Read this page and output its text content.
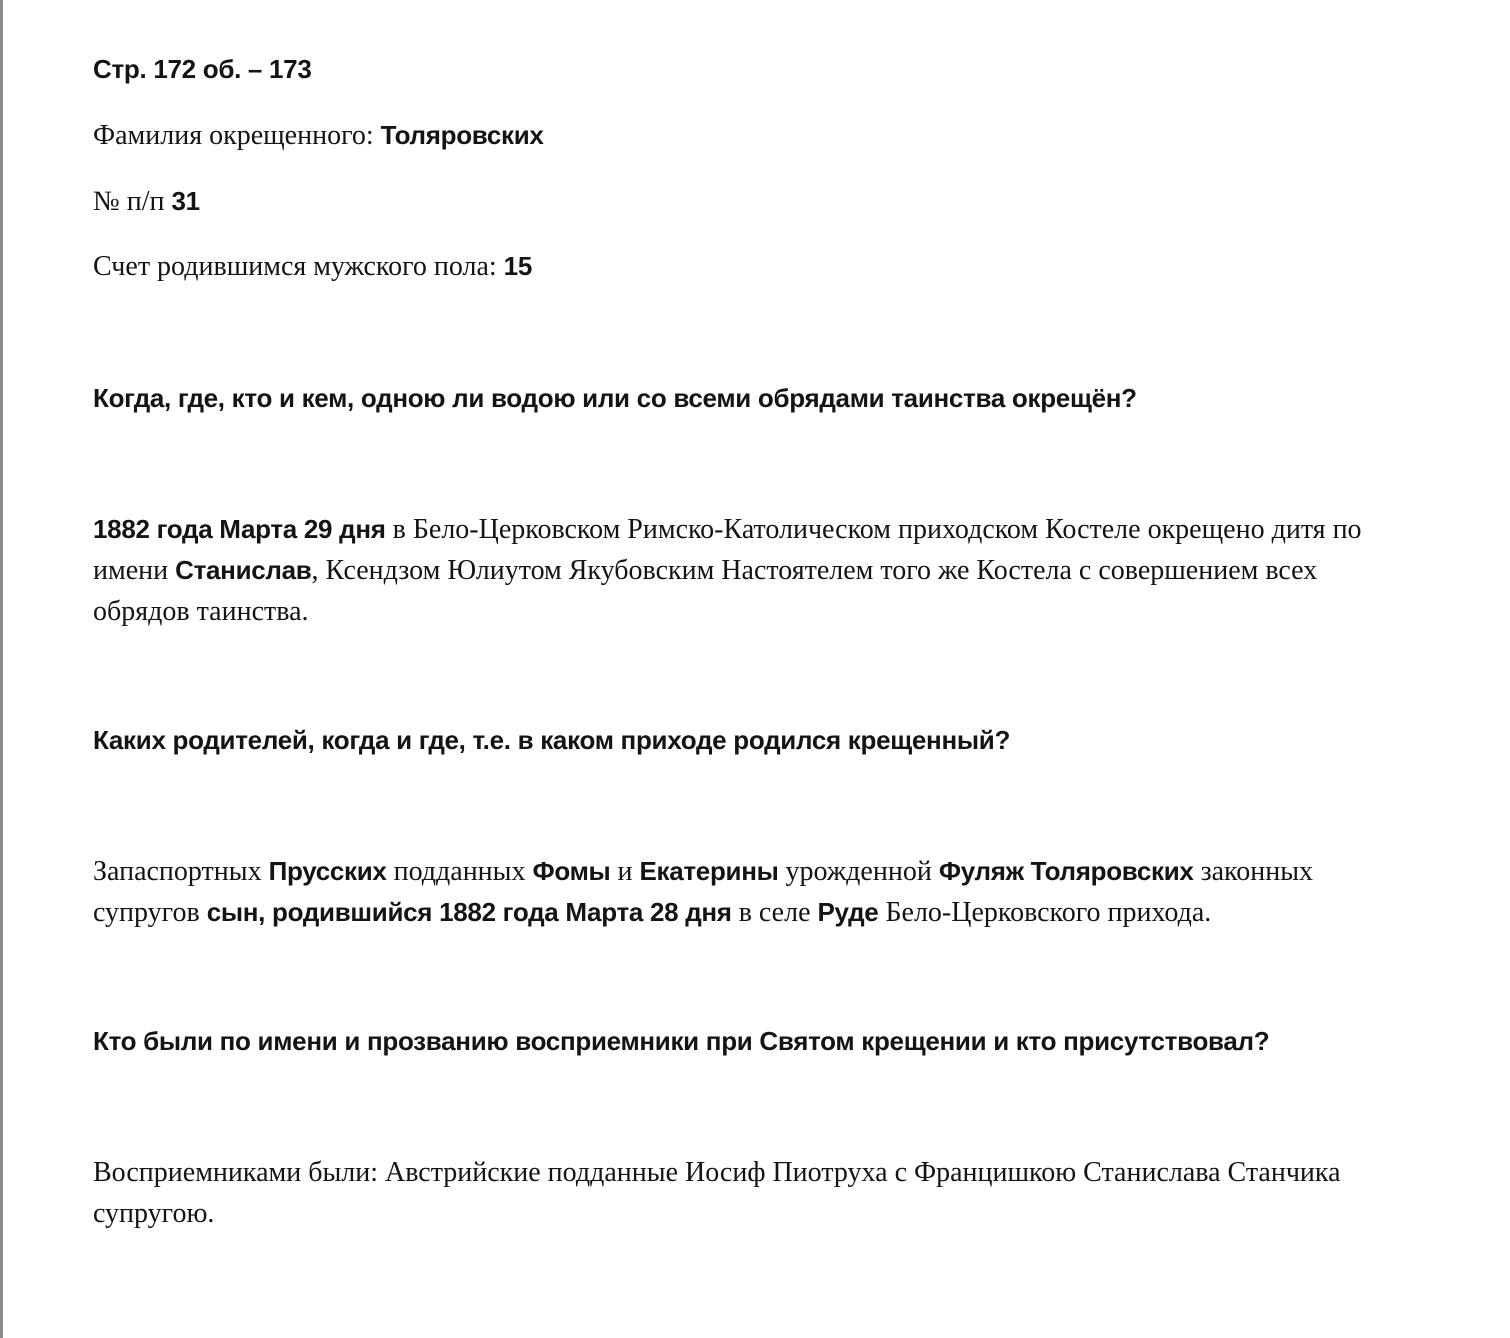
Стр. 172 об. – 173

Фамилия окрещенного: Толяровских

№ п/п 31

Счет родившимся мужского пола: 15

Когда, где, кто и кем, одною ли водою или со всеми обрядами таинства окрещён?

1882 года Марта 29 дня в Бело-Церковском Римско-Католическом приходском Костеле окрещено дитя по имени Станислав, Ксендзом Юлиутом Якубовским Настоятелем того же Костела с совершением всех обрядов таинства.

Каких родителей, когда и где, т.е. в каком приходе родился крещенный?

Запаспортных Прусских подданных Фомы и Екатерины урожденной Фуляж Толяровских законных супругов сын, родившийся 1882 года Марта 28 дня в селе Руде Бело-Церковского прихода.

Кто были по имени и прозванию восприемники при Святом крещении и кто присутствовал?

Восприемниками были: Австрийские подданные Иосиф Пиотруха с Францишкою Станислава Станчика супругою.
